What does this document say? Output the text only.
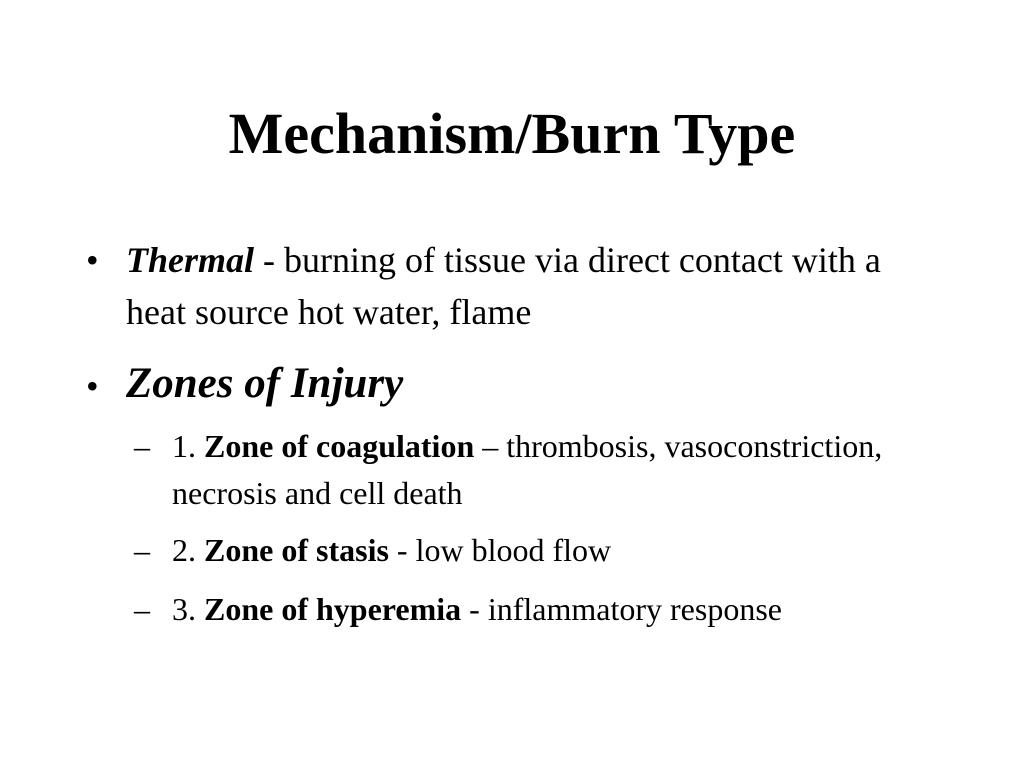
Mechanism/Burn Type
• Thermal - burning of tissue via direct contact with a heat source hot water, flame
• Zones of Injury
– 1. Zone of coagulation – thrombosis, vasoconstriction, necrosis and cell death
– 2. Zone of stasis - low blood flow
– 3. Zone of hyperemia - inflammatory response
